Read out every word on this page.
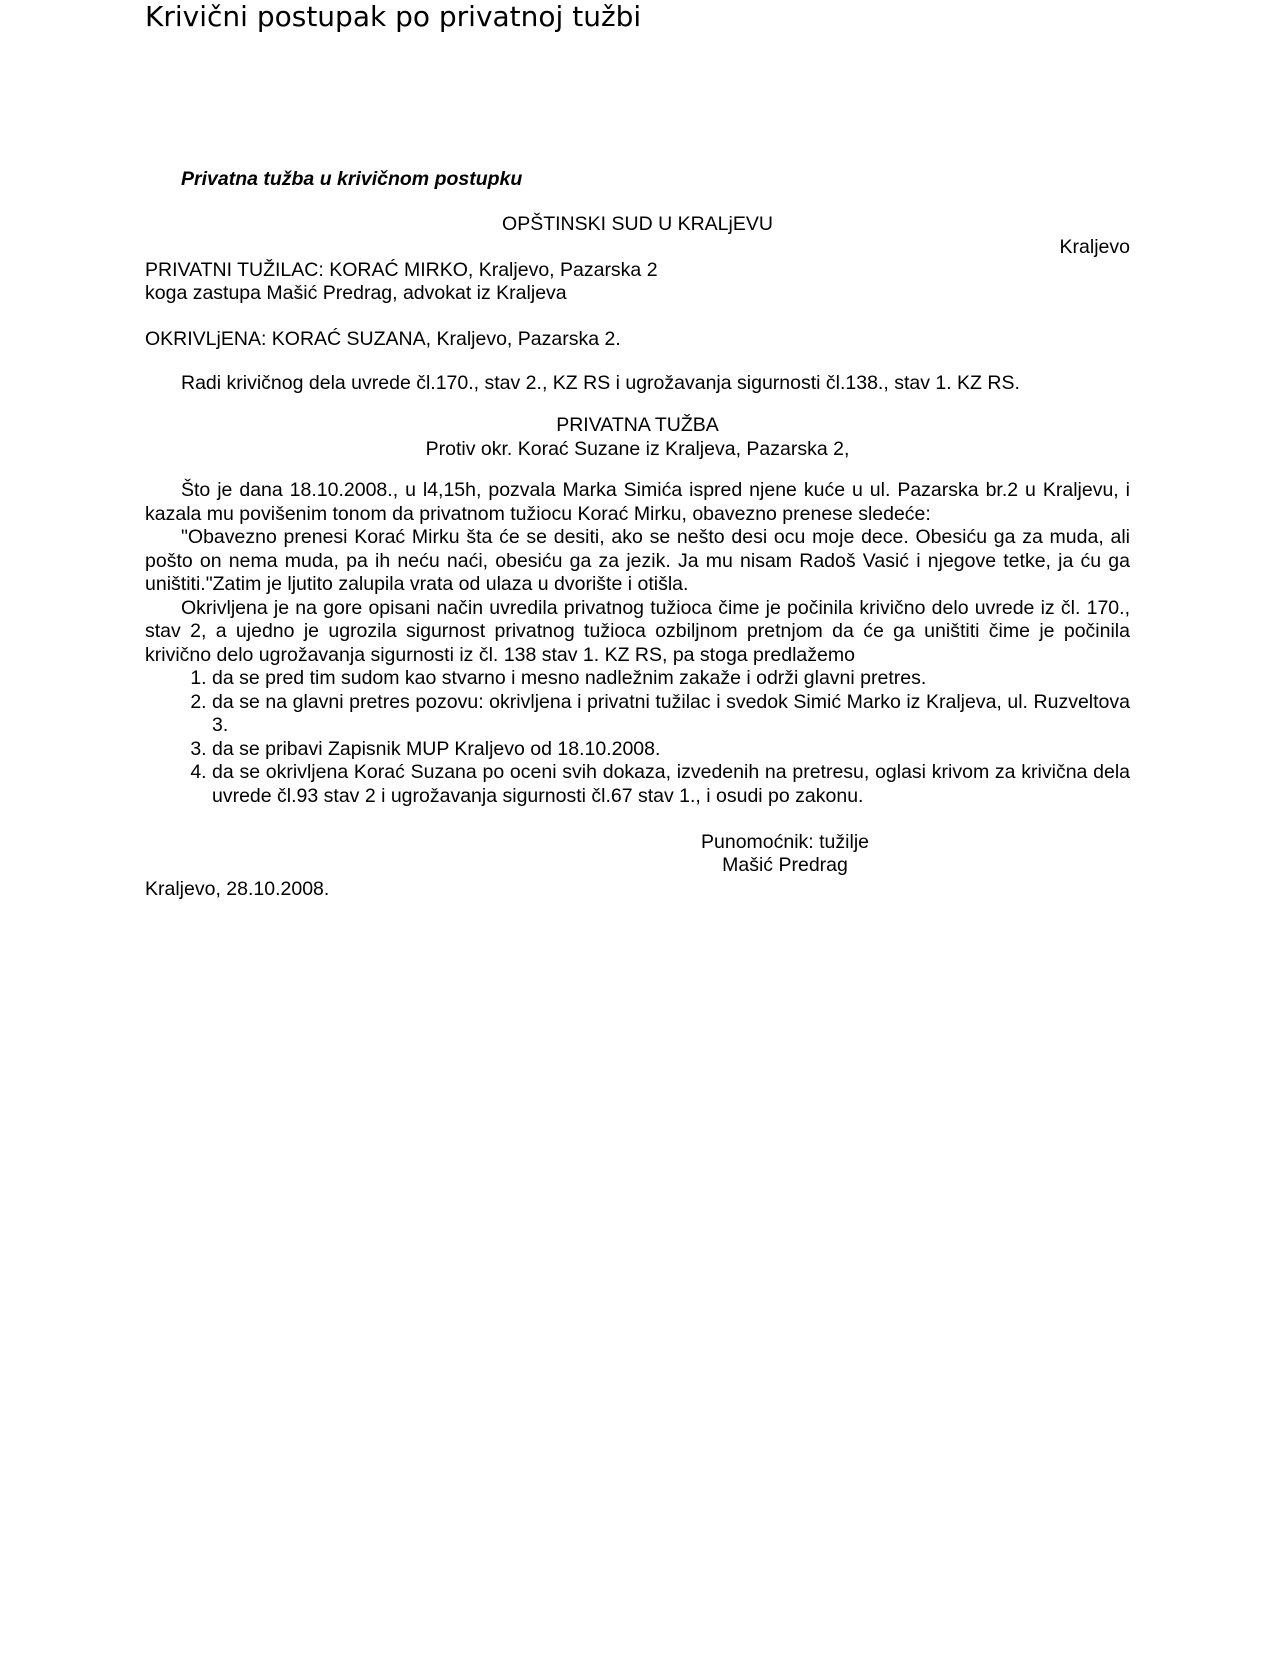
Krivični postupak po privatnoj tužbi
Privatna tužba u krivičnom postupku
OPŠTINSKI SUD U KRALjEVU
Kraljevo
PRIVATNI TUŽILAC: KORAĆ MIRKO, Kraljevo, Pazarska 2
koga zastupa Mašić Predrag, advokat iz Kraljeva
OKRIVLjENA: KORAĆ SUZANA, Kraljevo, Pazarska 2.
Radi krivičnog dela uvrede čl.170., stav 2., KZ RS i ugrožavanja sigurnosti čl.138., stav 1. KZ RS.
PRIVATNA TUŽBA
Protiv okr. Korać Suzane iz Kraljeva, Pazarska 2,

Što je dana 18.10.2008., u l4,15h, pozvala Marka Simića ispred njene kuće u ul. Pazarska br.2 u Kraljevu, i kazala mu povišenim tonom da privatnom tužiocu Korać Mirku, obavezno prenese sledeće:

"Obavezno prenesi Korać Mirku šta će se desiti, ako se nešto desi ocu moje dece. Obesiću ga za muda, ali pošto on nema muda, pa ih neću naći, obesiću ga za jezik. Ja mu nisam Radoš Vasić i njegove tetke, ja ću ga uništiti."Zatim je ljutito zalupila vrata od ulaza u dvorište i otišla.

Okrivljena je na gore opisani način uvredila privatnog tužioca čime je počinila krivično delo uvrede iz čl. 170., stav 2, a ujedno je ugrozila sigurnost privatnog tužioca ozbiljnom pretnjom da će ga uništiti čime je počinila krivično delo ugrožavanja sigurnosti iz čl. 138 stav 1. KZ RS, pa stoga predlažemo

1. da se pred tim sudom kao stvarno i mesno nadležnim zakaže i održi glavni pretres.
2. da se na glavni pretres pozovu: okrivljena i privatni tužilac i svedok Simić Marko iz Kraljeva, ul. Ruzveltova 3.
3. da se pribavi Zapisnik MUP Kraljevo od 18.10.2008.
4. da se okrivljena Korać Suzana po oceni svih dokaza, izvedenih na pretresu, oglasi krivom za krivična dela uvrede čl.93 stav 2 i ugrožavanja sigurnosti čl.67 stav 1., i osudi po zakonu.
Punomoćnik: tužilje
Mašić Predrag
Kraljevo, 28.10.2008.
